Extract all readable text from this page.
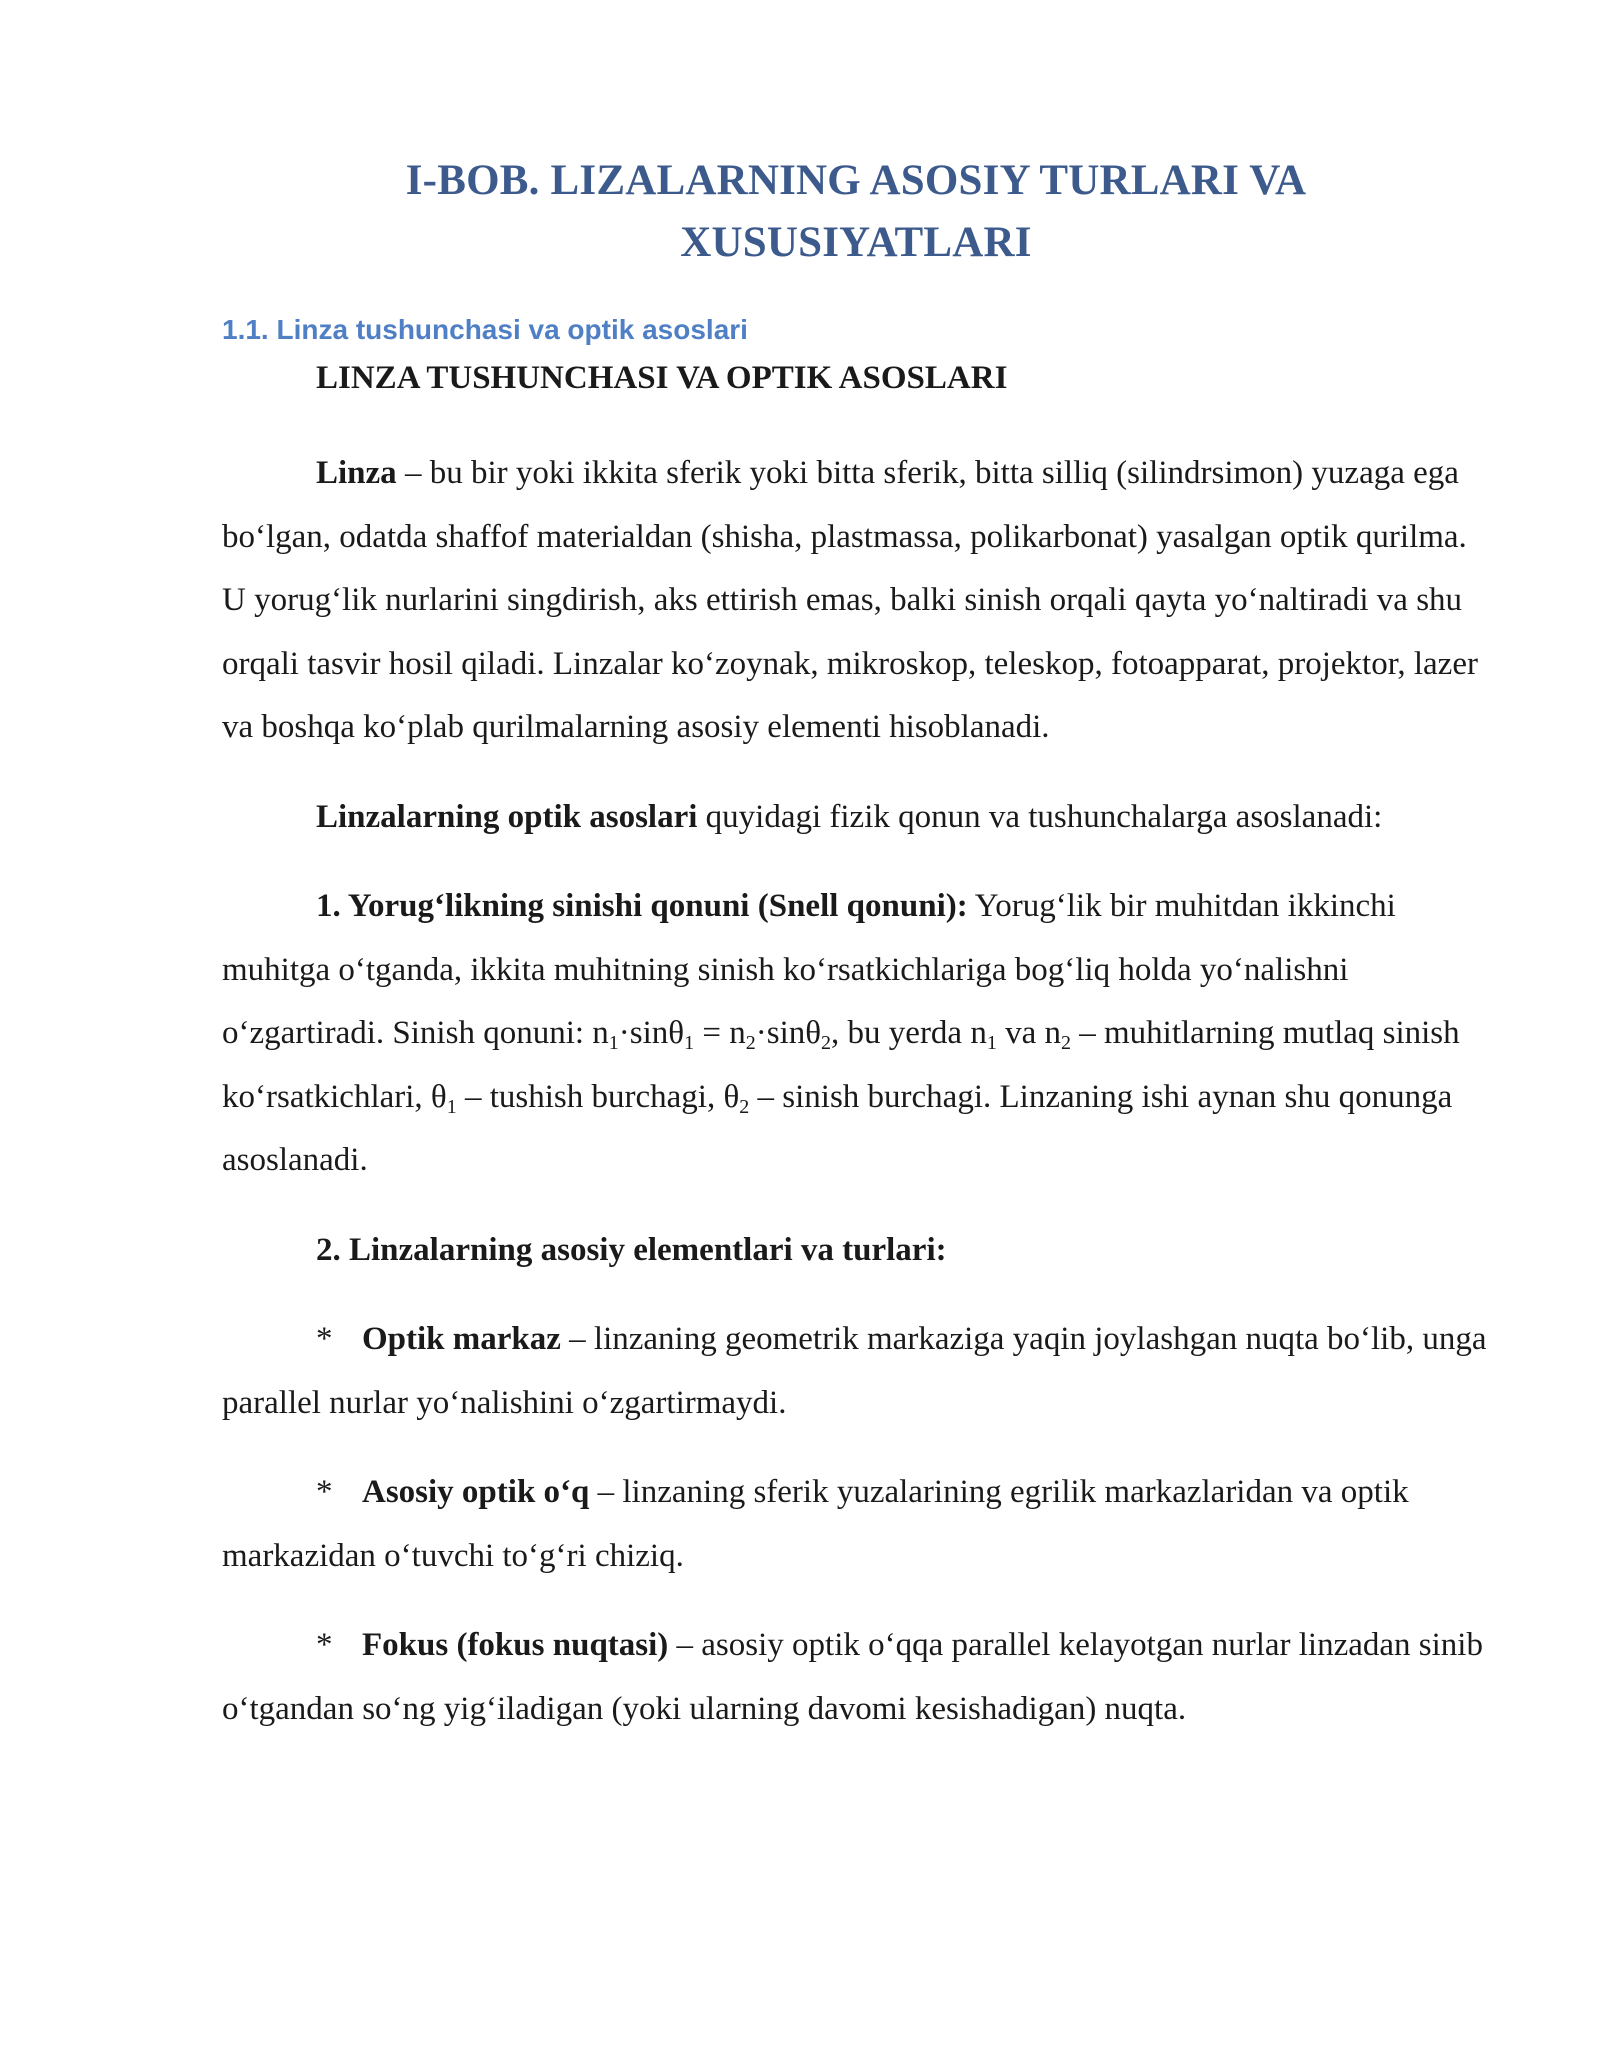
I-BOB. LIZALARNING ASOSIY TURLARI VA
XUSUSIYATLARI
1.1. Linza tushunchasi va optik asoslari
LINZA TUSHUNCHASI VA OPTIK ASOSLARI

Linza – bu bir yoki ikkita sferik yoki bitta sferik, bitta silliq (silindrsimon) yuzaga ega bo‘lgan, odatda shaffof materialdan (shisha, plastmassa, polikarbonat) yasalgan optik qurilma. U yorug‘lik nurlarini singdirish, aks ettirish emas, balki sinish orqali qayta yo‘naltiradi va shu orqali tasvir hosil qiladi. Linzalar ko‘zoynak, mikroskop, teleskop, fotoapparat, projektor, lazer va boshqa ko‘plab qurilmalarning asosiy elementi hisoblanadi.

Linzalarning optik asoslari quyidagi fizik qonun va tushunchalarga asoslanadi:

1. Yorug‘likning sinishi qonuni (Snell qonuni): Yorug‘lik bir muhitdan ikkinchi muhitga o‘tganda, ikkita muhitning sinish ko‘rsatkichlariga bog‘liq holda yo‘nalishni o‘zgartiradi. Sinish qonuni: $n_1\cdot\sin\theta_1 = n_2\cdot\sin\theta_2$, bu yerda $n_1$ va $n_2$ – muhitlarning mutlaq sinish ko‘rsatkichlari, $\theta_1$ – tushish burchagi, $\theta_2$ – sinish burchagi. Linzaning ishi aynan shu qonunga asoslanadi.

2. Linzalarning asosiy elementlari va turlari:

* Optik markaz – linzaning geometrik markaziga yaqin joylashgan nuqta bo‘lib, unga parallel nurlar yo‘nalishini o‘zgartirmaydi.

* Asosiy optik o‘q – linzaning sferik yuzalarining egrilik markazlaridan va optik markazidan o‘tuvchi to‘g‘ri chiziq.

* Fokus (fokus nuqtasi) – asosiy optik o‘qqa parallel kelayotgan nurlar linzadan sinib o‘tgandan so‘ng yig‘iladigan (yoki ularning davomi kesishadigan) nuqta.
